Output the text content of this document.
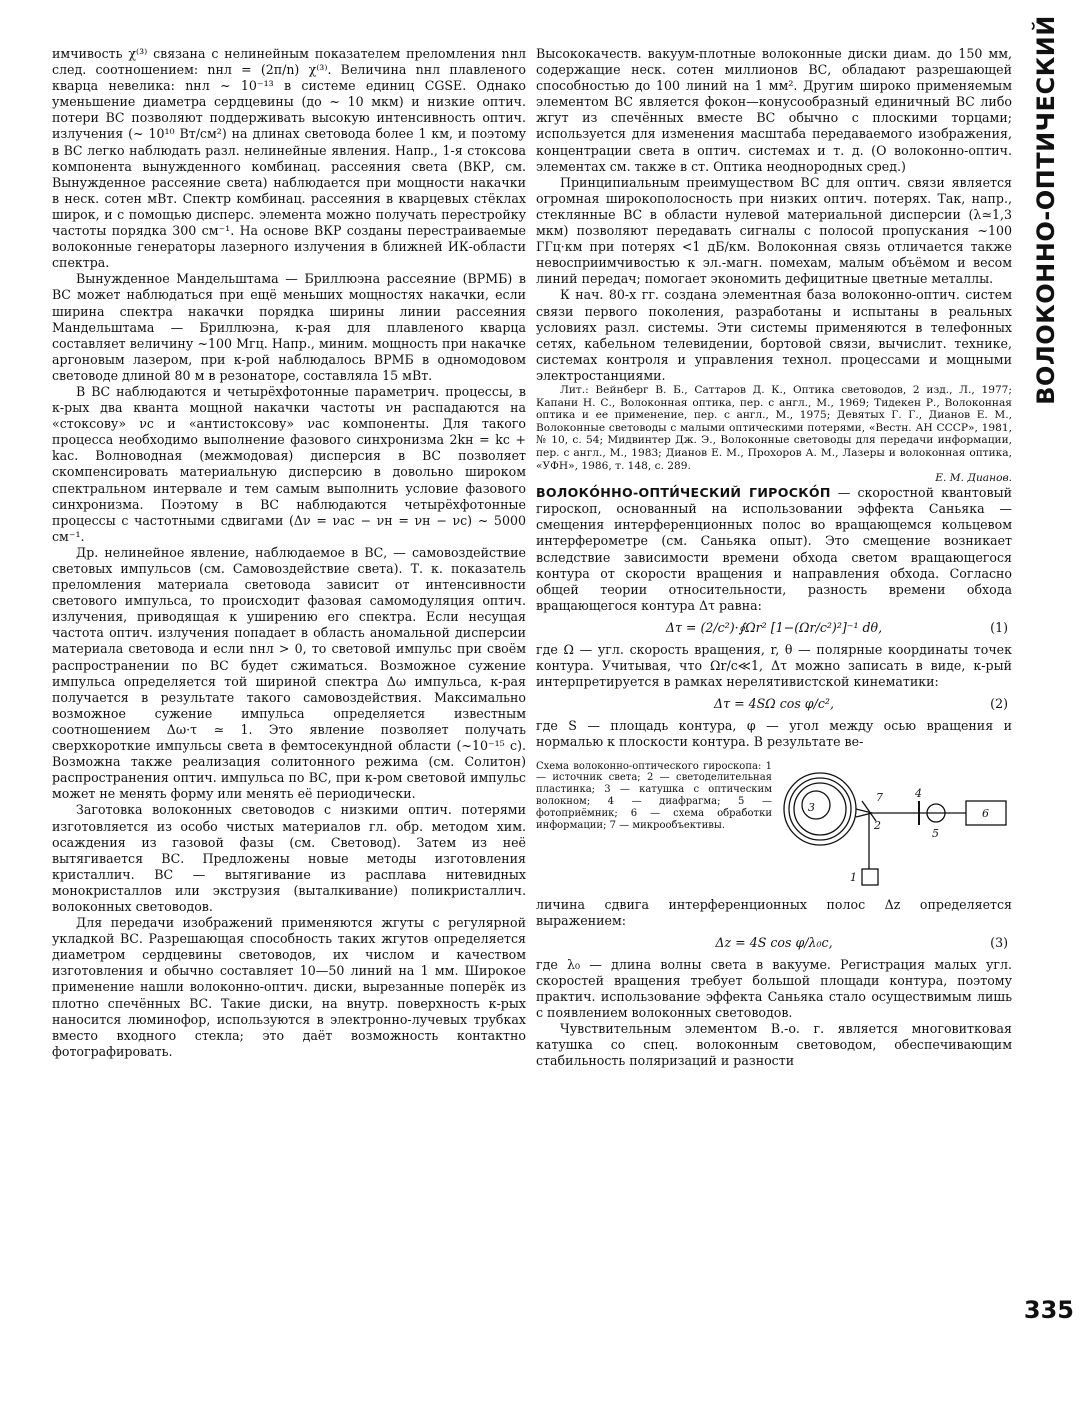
ВОЛОКОННО-ОПТИЧЕСКИЙ

имчивость χ⁽³⁾ связана с нелинейным показателем преломления nнл след. соотношением: nнл = (2π/n) χ⁽³⁾. Величина nнл плавленого кварца невелика: nнл ~ 10⁻¹³ в системе единиц CGSE. Однако уменьшение диаметра сердцевины (до ~ 10 мкм) и низкие оптич. потери ВС позволяют поддерживать высокую интенсивность оптич. излучения (~ 10¹⁰ Вт/см²) на длинах световода более 1 км, и поэтому в ВС легко наблюдать разл. нелинейные явления. Напр., 1-я стоксова компонента вынужденного комбинац. рассеяния света (ВКР, см. Вынужденное рассеяние света) наблюдается при мощности накачки в неск. сотен мВт. Спектр комбинац. рассеяния в кварцевых стёклах широк, и с помощью дисперс. элемента можно получать перестройку частоты порядка 300 см⁻¹. На основе ВКР созданы перестраиваемые волоконные генераторы лазерного излучения в ближней ИК-области спектра.

Вынужденное Мандельштама — Бриллюэна рассеяние (ВРМБ) в ВС может наблюдаться при ещё меньших мощностях накачки, если ширина спектра накачки порядка ширины линии рассеяния Мандельштама — Бриллюэна, к-рая для плавленого кварца составляет величину ~100 Мгц. Напр., миним. мощность при накачке аргоновым лазером, при к-рой наблюдалось ВРМБ в одномодовом световоде длиной 80 м в резонаторе, составляла 15 мВт.

В ВС наблюдаются и четырёхфотонные параметрич. процессы, в к-рых два кванта мощной накачки частоты νн распадаются на «стоксову» νс и «антистоксову» νас компоненты. Для такого процесса необходимо выполнение фазового синхронизма 2kн = kс + kас. Волноводная (межмодовая) дисперсия в ВС позволяет скомпенсировать материальную дисперсию в довольно широком спектральном интервале и тем самым выполнить условие фазового синхронизма. Поэтому в ВС наблюдаются четырёхфотонные процессы с частотными сдвигами (Δν = νас − νн = νн − νс) ~ 5000 см⁻¹.

Др. нелинейное явление, наблюдаемое в ВС, — самовоздействие световых импульсов (см. Самовоздействие света). Т. к. показатель преломления материала световода зависит от интенсивности светового импульса, то происходит фазовая самомодуляция оптич. излучения, приводящая к уширению его спектра. Если несущая частота оптич. излучения попадает в область аномальной дисперсии материала световода и если nнл > 0, то световой импульс при своём распространении по ВС будет сжиматься. Возможное сужение импульса определяется той шириной спектра Δω импульса, к-рая получается в результате такого самовоздействия. Максимально возможное сужение импульса определяется известным соотношением Δω·τ ≃ 1. Это явление позволяет получать сверхкороткие импульсы света в фемтосекундной области (~10⁻¹⁵ с). Возможна также реализация солитонного режима (см. Солитон) распространения оптич. импульса по ВС, при к-ром световой импульс может не менять форму или менять её периодически.

Заготовка волоконных световодов с низкими оптич. потерями изготовляется из особо чистых материалов гл. обр. методом хим. осаждения из газовой фазы (см. Световод). Затем из неё вытягивается ВС. Предложены новые методы изготовления кристаллич. ВС — вытягивание из расплава нитевидных монокристаллов или экструзия (выталкивание) поликристаллич. волоконных световодов.

Для передачи изображений применяются жгуты с регулярной укладкой ВС. Разрешающая способность таких жгутов определяется диаметром сердцевины световодов, их числом и качеством изготовления и обычно составляет 10—50 линий на 1 мм. Широкое применение нашли волоконно-оптич. диски, вырезанные поперёк из плотно спечённых ВС. Такие диски, на внутр. поверхность к-рых наносится люминофор, используются в электронно-лучевых трубках вместо входного стекла; это даёт возможность контактно фотографировать.

Высококачеств. вакуум-плотные волоконные диски диам. до 150 мм, содержащие неск. сотен миллионов ВС, обладают разрешающей способностью до 100 линий на 1 мм². Другим широко применяемым элементом ВС является фокон—конусообразный единичный ВС либо жгут из спечённых вместе ВС обычно с плоскими торцами; используется для изменения масштаба передаваемого изображения, концентрации света в оптич. системах и т. д. (О волоконно-оптич. элементах см. также в ст. Оптика неоднородных сред.)

Принципиальным преимуществом ВС для оптич. связи является огромная широкополосность при низких оптич. потерях. Так, напр., стеклянные ВС в области нулевой материальной дисперсии (λ≃1,3 мкм) позволяют передавать сигналы с полосой пропускания ~100 ГГц·км при потерях <1 дБ/км. Волоконная связь отличается также невосприимчивостью к эл.-магн. помехам, малым объёмом и весом линий передач; помогает экономить дефицитные цветные металлы.

К нач. 80-х гг. создана элементная база волоконно-оптич. систем связи первого поколения, разработаны и испытаны в реальных условиях разл. системы. Эти системы применяются в телефонных сетях, кабельном телевидении, бортовой связи, вычислит. технике, системах контроля и управления технол. процессами и мощными электростанциями.

Лит.: Вейнберг В. Б., Саттаров Д. К., Оптика световодов, 2 изд., Л., 1977; Капани Н. С., Волоконная оптика, пер. с англ., М., 1969; Тидекен Р., Волоконная оптика и ее применение, пер. с англ., М., 1975; Девятых Г. Г., Дианов Е. М., Волоконные световоды с малыми оптическими потерями, «Вестн. АН СССР», 1981, № 10, с. 54; Мидвинтер Дж. Э., Волоконные световоды для передачи информации, пер. с англ., М., 1983; Дианов Е. М., Прохоров А. М., Лазеры и волоконная оптика, «УФН», 1986, т. 148, с. 289.

Е. М. Дианов.

ВОЛОКО́ННО-ОПТИ́ЧЕСКИЙ ГИРОСКО́П — скоростной квантовый гироскоп, основанный на использовании эффекта Саньяка — смещения интерференционных полос во вращающемся кольцевом интерферометре (см. Саньяка опыт). Это смещение возникает вследствие зависимости времени обхода светом вращающегося контура от скорости вращения и направления обхода. Согласно общей теории относительности, разность времени обхода вращающегося контура Δτ равна:

Δτ = (2/c²)·∮Ωr² [1−(Ωr/c²)²]⁻¹ dθ,	(1)

где Ω — угл. скорость вращения, r, θ — полярные координаты точек контура. Учитывая, что Ωr/c≪1, Δτ можно записать в виде, к-рый интерпретируется в рамках нерелятивистской кинематики:

Δτ = 4SΩ cos φ/c²,	(2)

где S — площадь контура, φ — угол между осью вращения и нормалью к плоскости контура. В результате ве-

Схема волоконно-оптического гироскопа: 1 — источник света; 2 — светоделительная пластинка; 3 — катушка с оптическим волокном; 4 — диафрагма; 5 — фотоприёмник; 6 — схема обработки информации; 7 — микрообъективы.
1
2
3
4
5
6
7

личина сдвига интерференционных полос Δz определяется выражением:

Δz = 4S cos φ/λ₀c,	(3)

где λ₀ — длина волны света в вакууме. Регистрация малых угл. скоростей вращения требует большой площади контура, поэтому практич. использование эффекта Саньяка стало осуществимым лишь с появлением волоконных световодов.

Чувствительным элементом В.-о. г. является многовитковая катушка со спец. волоконным световодом, обеспечивающим стабильность поляризаций и разности

335
